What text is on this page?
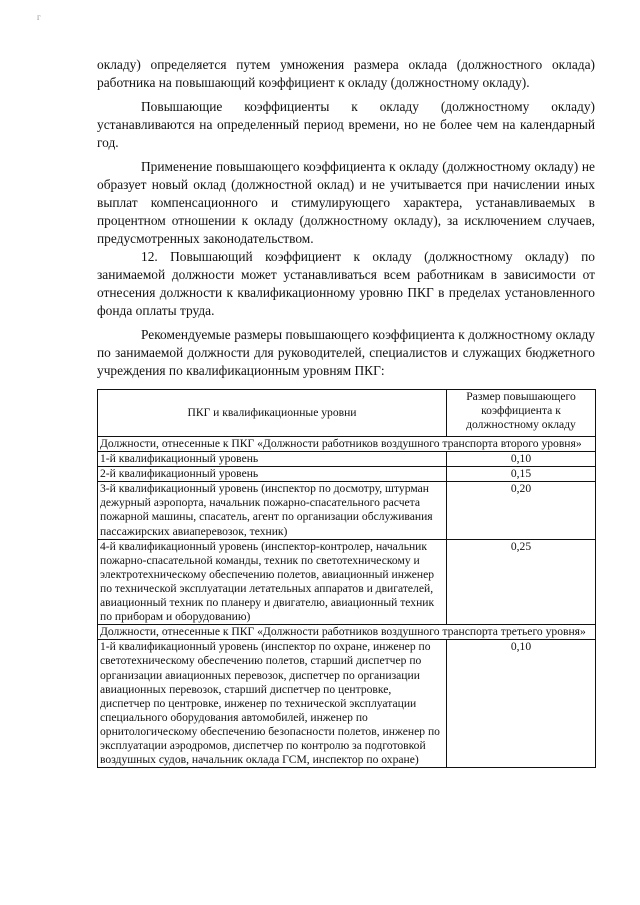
г

окладу) определяется путем умножения размера оклада (должностного оклада) работника на повышающий коэффициент к окладу (должностному окладу).

Повышающие коэффициенты к окладу (должностному окладу) устанавливаются на определенный период времени, но не более чем на календарный год.

Применение повышающего коэффициента к окладу (должностному окладу) не образует новый оклад (должностной оклад) и не учитывается при начислении иных выплат компенсационного и стимулирующего характера, устанавливаемых в процентном отношении к окладу (должностному окладу), за исключением случаев, предусмотренных законодательством.

12. Повышающий коэффициент к окладу (должностному окладу) по занимаемой должности может устанавливаться всем работникам в зависимости от отнесения должности к квалификационному уровню ПКГ в пределах установленного фонда оплаты труда.

Рекомендуемые размеры повышающего коэффициента к должностному окладу по занимаемой должности для руководителей, специалистов и служащих бюджетного учреждения по квалификационным уровням ПКГ:

ПКГ и квалификационные уровни	Размер повышающего коэффициента к должностному окладу
Должности, отнесенные к ПКГ «Должности работников воздушного транспорта второго уровня»	
1-й квалификационный уровень	0,10
2-й квалификационный уровень	0,15
3-й квалификационный уровень (инспектор по досмотру, штурман дежурный аэропорта, начальник пожарно-спасательного расчета пожарной машины, спасатель, агент по организации обслуживания пассажирских авиаперевозок, техник)	0,20
4-й квалификационный уровень (инспектор-контролер, начальник пожарно-спасательной команды, техник по светотехническому и электротехническому обеспечению полетов, авиационный инженер по технической эксплуатации летательных аппаратов и двигателей, авиационный техник по планеру и двигателю, авиационный техник по приборам и оборудованию)	0,25
Должности, отнесенные к ПКГ «Должности работников воздушного транспорта третьего уровня»	
1-й квалификационный уровень (инспектор по охране, инженер по светотехническому обеспечению полетов, старший диспетчер по организации авиационных перевозок, диспетчер по организации авиационных перевозок, старший диспетчер по центровке, диспетчер по центровке, инженер по технической эксплуатации специального оборудования автомобилей, инженер по орнитологическому обеспечению безопасности полетов, инженер по эксплуатации аэродромов, диспетчер по контролю за подготовкой воздушных судов, начальник оклада ГСМ, инспектор по охране)	0,10
